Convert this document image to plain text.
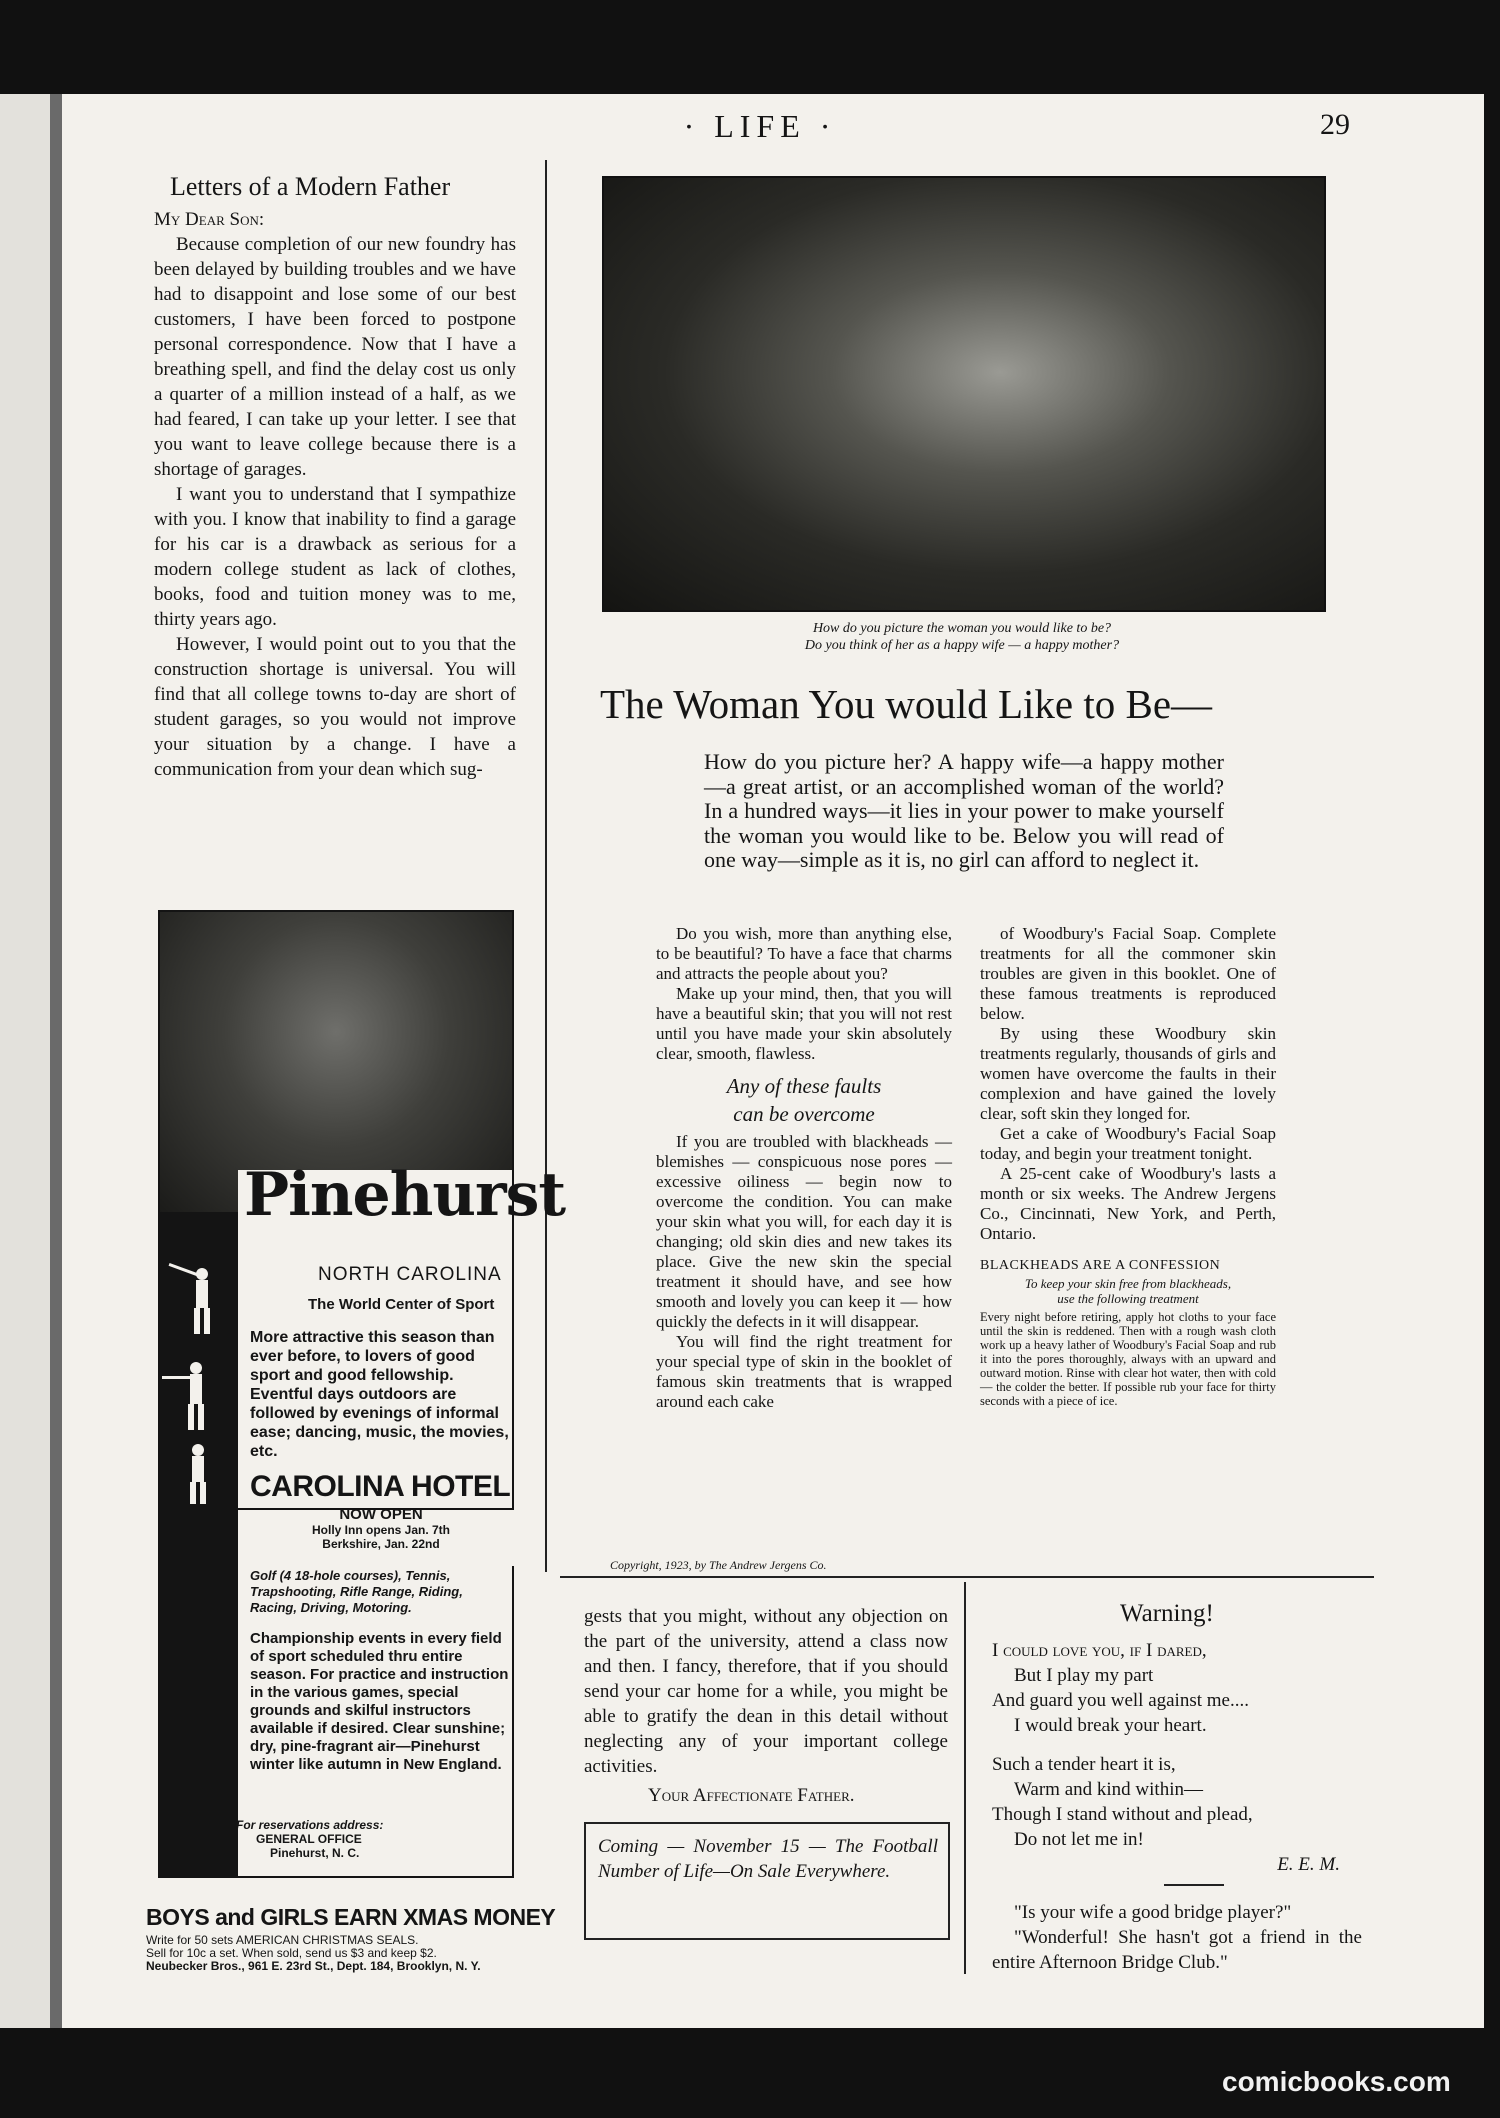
· LIFE ·	29
Letters of a Modern Father

My Dear Son:

Because completion of our new foundry has been delayed by building troubles and we have had to disappoint and lose some of our best customers, I have been forced to postpone personal correspondence. Now that I have a breathing spell, and find the delay cost us only a quarter of a million instead of a half, as we had feared, I can take up your letter. I see that you want to leave college because there is a shortage of garages.

I want you to understand that I sympathize with you. I know that inability to find a garage for his car is a drawback as serious for a modern college student as lack of clothes, books, food and tuition money was to me, thirty years ago.

However, I would point out to you that the construction shortage is universal. You will find that all college towns to-day are short of student garages, so you would not improve your situation by a change. I have a communication from your dean which sug-

How do you picture the woman you would like to be?
Do you think of her as a happy wife — a happy mother?
The Woman You would Like to Be—
How do you picture her? A happy wife—a happy mother—a great artist, or an accomplished woman of the world? In a hundred ways—it lies in your power to make yourself the woman you would like to be. Below you will read of one way—simple as it is, no girl can afford to neglect it.

Do you wish, more than anything else, to be beautiful? To have a face that charms and attracts the people about you?

Make up your mind, then, that you will have a beautiful skin; that you will not rest until you have made your skin absolutely clear, smooth, flawless.

Any of these faults
can be overcome

If you are troubled with blackheads — blemishes — conspicuous nose pores — excessive oiliness — begin now to overcome the condition. You can make your skin what you will, for each day it is changing; old skin dies and new takes its place. Give the new skin the special treatment it should have, and see how smooth and lovely you can keep it — how quickly the defects in it will disappear.

You will find the right treatment for your special type of skin in the booklet of famous skin treatments that is wrapped around each cake

of Woodbury's Facial Soap. Complete treatments for all the commoner skin troubles are given in this booklet. One of these famous treatments is reproduced below.

By using these Woodbury skin treatments regularly, thousands of girls and women have overcome the faults in their complexion and have gained the lovely clear, soft skin they longed for.

Get a cake of Woodbury's Facial Soap today, and begin your treatment tonight.

A 25-cent cake of Woodbury's lasts a month or six weeks. The Andrew Jergens Co., Cincinnati, New York, and Perth, Ontario.

BLACKHEADS ARE A CONFESSION
To keep your skin free from blackheads,
use the following treatment
Every night before retiring, apply hot cloths to your face until the skin is reddened. Then with a rough wash cloth work up a heavy lather of Woodbury's Facial Soap and rub it into the pores thoroughly, always with an upward and outward motion. Rinse with clear hot water, then with cold — the colder the better. If possible rub your face for thirty seconds with a piece of ice.
Copyright, 1923, by The Andrew Jergens Co.
Pinehurst
NORTH CAROLINA
The World Center of Sport
More attractive this season than ever before, to lovers of good sport and good fellowship. Eventful days outdoors are followed by evenings of informal ease; dancing, music, the movies, etc.
CAROLINA HOTEL
NOW OPEN
Holly Inn opens Jan. 7th
Berkshire, Jan. 22nd
Golf (4 18-hole courses), Tennis, Trapshooting, Rifle Range, Riding, Racing, Driving, Motoring.
Championship events in every field of sport scheduled thru entire season. For practice and instruction in the various games, special grounds and skilful instructors available if desired. Clear sunshine; dry, pine-fragrant air—Pinehurst winter like autumn in New England.
For reservations address:
GENERAL OFFICE
Pinehurst, N. C.
BOYS and GIRLS EARN XMAS MONEY
Write for 50 sets AMERICAN CHRISTMAS SEALS.
Sell for 10c a set. When sold, send us $3 and keep $2.
Neubecker Bros., 961 E. 23rd St., Dept. 184, Brooklyn, N. Y.

gests that you might, without any objection on the part of the university, attend a class now and then. I fancy, therefore, that if you should send your car home for a while, you might be able to gratify the dean in this detail without neglecting any of your important college activities.

Your Affectionate Father.

Coming — November 15 — The Football Number of Life—On Sale Everywhere.
Warning!
I could love you, if I dared,
But I play my part
And guard you well against me....
I would break your heart.
Such a tender heart it is,
Warm and kind within—
Though I stand without and plead,
Do not let me in!
E. E. M.
"Is your wife a good bridge player?"
"Wonderful! She hasn't got a friend in the entire Afternoon Bridge Club."
comicbooks.com
